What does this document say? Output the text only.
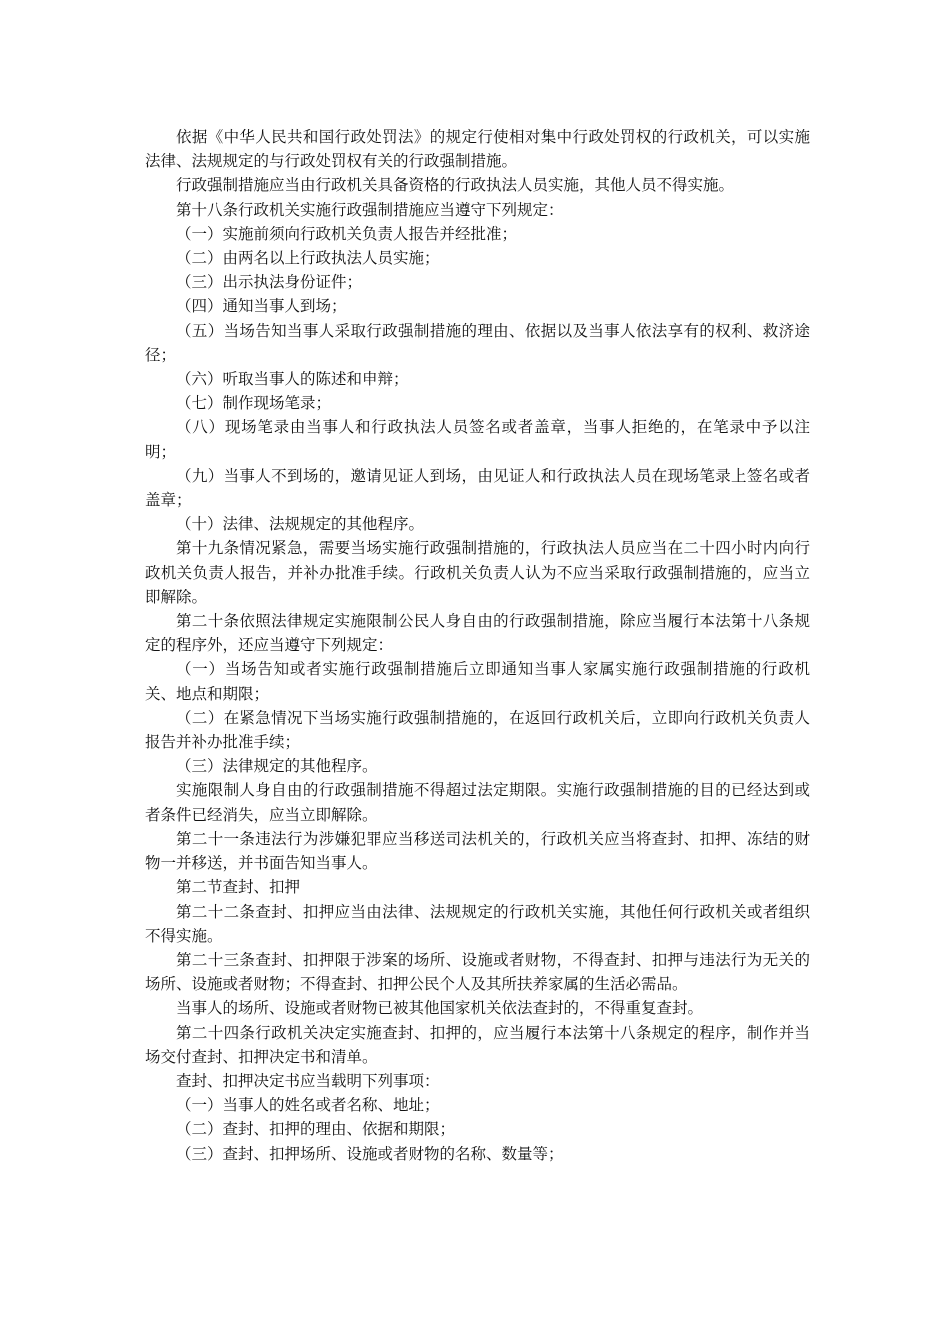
依据《中华人民共和国行政处罚法》的规定行使相对集中行政处罚权的行政机关，可以实施法律、法规规定的与行政处罚权有关的行政强制措施。

行政强制措施应当由行政机关具备资格的行政执法人员实施，其他人员不得实施。

第十八条行政机关实施行政强制措施应当遵守下列规定：

（一）实施前须向行政机关负责人报告并经批准；

（二）由两名以上行政执法人员实施；

（三）出示执法身份证件；

（四）通知当事人到场；

（五）当场告知当事人采取行政强制措施的理由、依据以及当事人依法享有的权利、救济途径；

（六）听取当事人的陈述和申辩；

（七）制作现场笔录；

（八）现场笔录由当事人和行政执法人员签名或者盖章，当事人拒绝的，在笔录中予以注明；

（九）当事人不到场的，邀请见证人到场，由见证人和行政执法人员在现场笔录上签名或者盖章；

（十）法律、法规规定的其他程序。

第十九条情况紧急，需要当场实施行政强制措施的，行政执法人员应当在二十四小时内向行政机关负责人报告，并补办批准手续。行政机关负责人认为不应当采取行政强制措施的，应当立即解除。

第二十条依照法律规定实施限制公民人身自由的行政强制措施，除应当履行本法第十八条规定的程序外，还应当遵守下列规定：

（一）当场告知或者实施行政强制措施后立即通知当事人家属实施行政强制措施的行政机关、地点和期限；

（二）在紧急情况下当场实施行政强制措施的，在返回行政机关后，立即向行政机关负责人报告并补办批准手续；

（三）法律规定的其他程序。

实施限制人身自由的行政强制措施不得超过法定期限。实施行政强制措施的目的已经达到或者条件已经消失，应当立即解除。

第二十一条违法行为涉嫌犯罪应当移送司法机关的，行政机关应当将查封、扣押、冻结的财物一并移送，并书面告知当事人。

第二节查封、扣押

第二十二条查封、扣押应当由法律、法规规定的行政机关实施，其他任何行政机关或者组织不得实施。

第二十三条查封、扣押限于涉案的场所、设施或者财物，不得查封、扣押与违法行为无关的场所、设施或者财物；不得查封、扣押公民个人及其所扶养家属的生活必需品。

当事人的场所、设施或者财物已被其他国家机关依法查封的，不得重复查封。

第二十四条行政机关决定实施查封、扣押的，应当履行本法第十八条规定的程序，制作并当场交付查封、扣押决定书和清单。

查封、扣押决定书应当载明下列事项：

（一）当事人的姓名或者名称、地址；

（二）查封、扣押的理由、依据和期限；

（三）查封、扣押场所、设施或者财物的名称、数量等；
